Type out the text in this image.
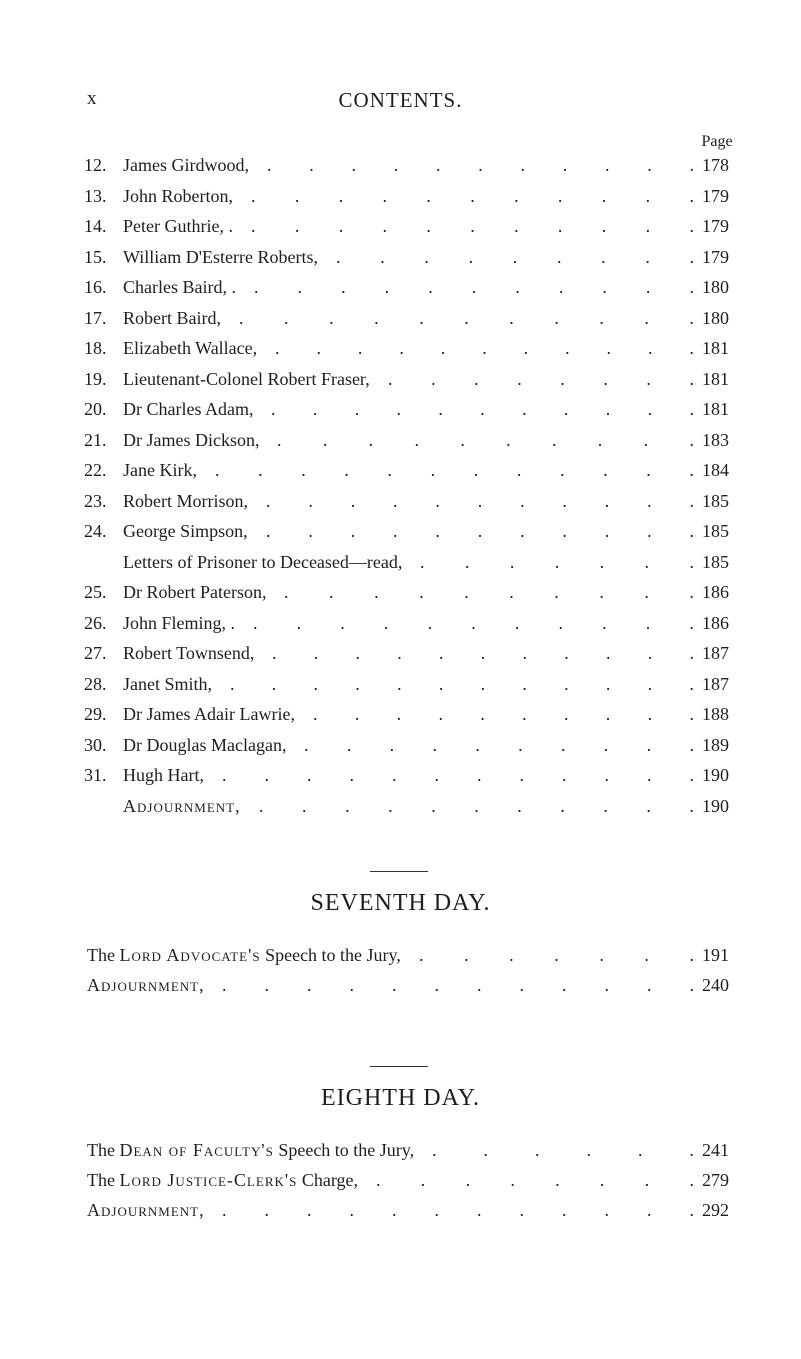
x	CONTENTS.
Page
12. James Girdwood, . . . . . . . . . . . 178
13. John Roberton, . . . . . . . . . . . 179
14. Peter Guthrie, . . . . . . . . . . . . 179
15. William D'Esterre Roberts, . . . . . . . . . 179
16. Charles Baird, . . . . . . . . . . . . 180
17. Robert Baird, . . . . . . . . . . . 180
18. Elizabeth Wallace, . . . . . . . . . . . 181
19. Lieutenant-Colonel Robert Fraser, . . . . . . . . 181
20. Dr Charles Adam, . . . . . . . . . . . 181
21. Dr James Dickson, . . . . . . . . . . 183
22. Jane Kirk, . . . . . . . . . . . . 184
23. Robert Morrison, . . . . . . . . . . . 185
24. George Simpson, . . . . . . . . . . . 185
Letters of Prisoner to Deceased—read, . . . . . . . 185
25. Dr Robert Paterson, . . . . . . . . . . 186
26. John Fleming, . . . . . . . . . . . . 186
27. Robert Townsend, . . . . . . . . . . . 187
28. Janet Smith, . . . . . . . . . . . . 187
29. Dr James Adair Lawrie, . . . . . . . . . . 188
30. Dr Douglas Maclagan, . . . . . . . . . . 189
31. Hugh Hart, . . . . . . . . . . . . 190
Adjournment, . . . . . . . . . . . 190
SEVENTH DAY.
The Lord Advocate's Speech to the Jury, . . . . . . . 191
Adjournment, . . . . . . . . . . . . 240
EIGHTH DAY.
The Dean of Faculty's Speech to the Jury, .	.	.	.	.	. 241
The Lord Justice-Clerk's Charge, . . . . . . . . 279
Adjournment, . . . . . . . . . . . . 292
